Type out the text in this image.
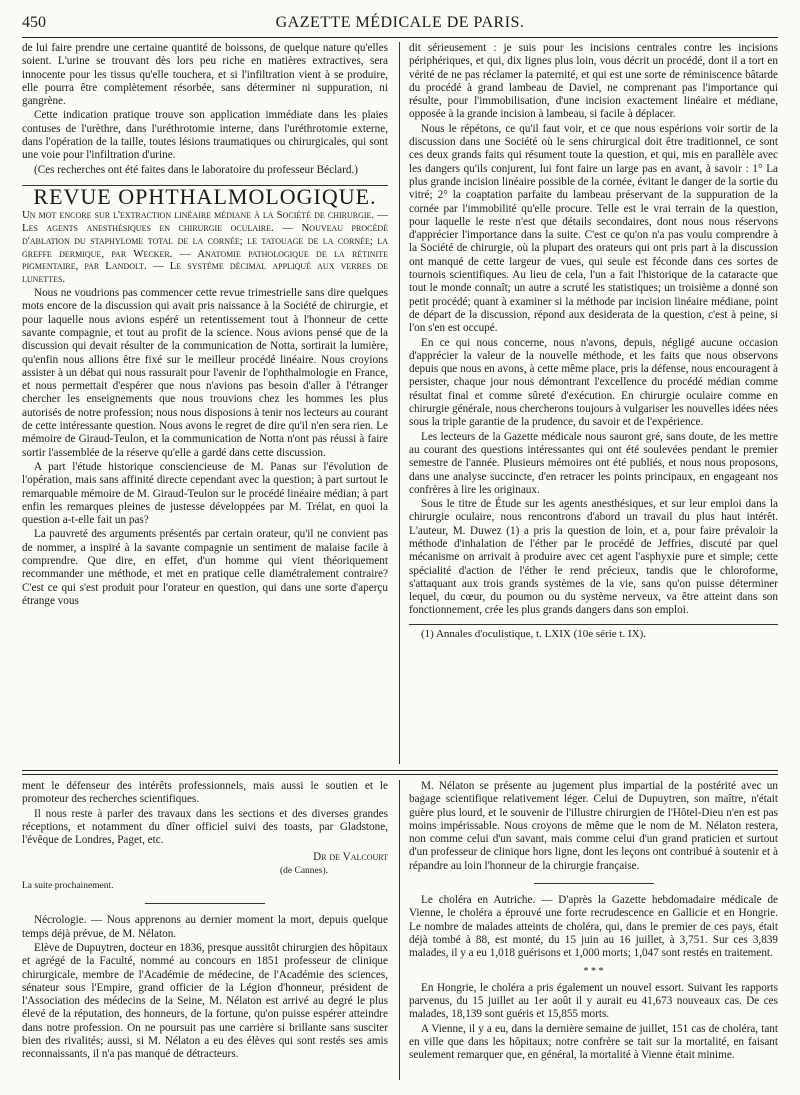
450	GAZETTE MÉDICALE DE PARIS.

de lui faire prendre une certaine quantité de boissons, de quelque nature qu'elles soient. L'urine se trouvant dès lors peu riche en matières extractives, sera innocente pour les tissus qu'elle touchera, et si l'infiltration vient à se produire, elle pourra être complètement résorbée, sans déterminer ni suppuration, ni gangrène.

Cette indication pratique trouve son application immédiate dans les plaies contuses de l'urèthre, dans l'uréthrotomie interne, dans l'uréthrotomie externe, dans l'opération de la taille, toutes lésions traumatiques ou chirurgicales, qui sont une voie pour l'infiltration d'urine.

(Ces recherches ont été faites dans le laboratoire du professeur Béclard.)

REVUE OPHTHALMOLOGIQUE.

Un mot encore sur l'extraction linéaire médiane à la Société de chirurgie. — Les agents anesthésiques en chirurgie oculaire. — Nouveau procédé d'ablation du staphylome total de la cornée; le tatouage de la cornée; la greffe dermique, par Wecker. — Anatomie pathologique de la rétinite pigmentaire, par Landolt. — Le système décimal appliqué aux verres de lunettes.

Nous ne voudrions pas commencer cette revue trimestrielle sans dire quelques mots encore de la discussion qui avait pris naissance à la Société de chirurgie, et pour laquelle nous avions espéré un retentissement tout à l'honneur de cette savante compagnie, et tout au profit de la science. Nous avions pensé que de la discussion qui devait résulter de la communication de Notta, sortirait la lumière, qu'enfin nous allions être fixé sur le meilleur procédé linéaire. Nous croyions assister à un débat qui nous rassurait pour l'avenir de l'ophthalmologie en France, et nous permettait d'espérer que nous n'avions pas besoin d'aller à l'étranger chercher les enseignements que nous trouvions chez les hommes les plus autorisés de notre profession; nous nous disposions à tenir nos lecteurs au courant de cette intéressante question. Nous avons le regret de dire qu'il n'en sera rien. Le mémoire de Giraud-Teulon, et la communication de Notta n'ont pas réussi à faire sortir l'assemblée de la réserve qu'elle a gardé dans cette discussion.

A part l'étude historique consciencieuse de M. Panas sur l'évolution de l'opération, mais sans affinité directe cependant avec la question; à part surtout le remarquable mémoire de M. Giraud-Teulon sur le procédé linéaire médian; à part enfin les remarques pleines de justesse développées par M. Trélat, en quoi la question a-t-elle fait un pas?

La pauvreté des arguments présentés par certain orateur, qu'il ne convient pas de nommer, a inspiré à la savante compagnie un sentiment de malaise facile à comprendre. Que dire, en effet, d'un homme qui vient théoriquement recommander une méthode, et met en pratique celle diamétralement contraire? C'est ce qui s'est produit pour l'orateur en question, qui dans une sorte d'aperçu étrange vous

dit sérieusement : je suis pour les incisions centrales contre les incisions périphériques, et qui, dix lignes plus loin, vous décrit un procédé, dont il a tort en vérité de ne pas réclamer la paternité, et qui est une sorte de réminiscence bâtarde du procédé à grand lambeau de Daviel, ne comprenant pas l'importance qui résulte, pour l'immobilisation, d'une incision exactement linéaire et médiane, opposée à la grande incision à lambeau, si facile à déplacer.

Nous le répétons, ce qu'il faut voir, et ce que nous espérions voir sortir de la discussion dans une Société où le sens chirurgical doit être traditionnel, ce sont ces deux grands faits qui résument toute la question, et qui, mis en parallèle avec les dangers qu'ils conjurent, lui font faire un large pas en avant, à savoir : 1° La plus grande incision linéaire possible de la cornée, évitant le danger de la sortie du vitré; 2° la coaptation parfaite du lambeau préservant de la suppuration de la cornée par l'immobilité qu'elle procure. Telle est le vrai terrain de la question, pour laquelle le reste n'est que détails secondaires, dont nous nous réservons d'apprécier l'importance dans la suite. C'est ce qu'on n'a pas voulu comprendre à la Société de chirurgie, où la plupart des orateurs qui ont pris part à la discussion ont manqué de cette largeur de vues, qui seule est féconde dans ces sortes de tournois scientifiques. Au lieu de cela, l'un a fait l'historique de la cataracte que tout le monde connaît; un autre a scruté les statistiques; un troisième a donné son petit procédé; quant à examiner si la méthode par incision linéaire médiane, point de départ de la discussion, répond aux desiderata de la question, c'est à peine, si l'on s'en est occupé.

En ce qui nous concerne, nous n'avons, depuis, négligé aucune occasion d'apprécier la valeur de la nouvelle méthode, et les faits que nous observons depuis que nous en avons, à cette même place, pris la défense, nous encouragent à persister, chaque jour nous démontrant l'excellence du procédé médian comme résultat final et comme sûreté d'exécution. En chirurgie oculaire comme en chirurgie générale, nous chercherons toujours à vulgariser les nouvelles idées nées sous la triple garantie de la prudence, du savoir et de l'expérience.

Les lecteurs de la Gazette médicale nous sauront gré, sans doute, de les mettre au courant des questions intéressantes qui ont été soulevées pendant le premier semestre de l'année. Plusieurs mémoires ont été publiés, et nous nous proposons, dans une analyse succincte, d'en retracer les points principaux, en engageant nos confrères à lire les originaux.

Sous le titre de Étude sur les agents anesthésiques, et sur leur emploi dans la chirurgie oculaire, nous rencontrons d'abord un travail du plus haut intérêt. L'auteur, M. Duwez (1) a pris la question de loin, et a, pour faire prévaloir la méthode d'inhalation de l'éther par le procédé de Jeffries, discuté par quel mécanisme on arrivait à produire avec cet agent l'asphyxie pure et simple; cette spécialité d'action de l'éther le rend précieux, tandis que le chloroforme, s'attaquant aux trois grands systèmes de la vie, sans qu'on puisse déterminer lequel, du cœur, du poumon ou du système nerveux, va être atteint dans son fonctionnement, crée les plus grands dangers dans son emploi.

(1) Annales d'oculistique, t. LXIX (10e série t. IX).

ment le défenseur des intérêts professionnels, mais aussi le soutien et le promoteur des recherches scientifiques.

Il nous reste à parler des travaux dans les sections et des diverses grandes réceptions, et notamment du dîner officiel suivi des toasts, par Gladstone, l'évêque de Londres, Paget, etc.

Dr de Valcourt
(de Cannes).
La suite prochainement.

Nécrologie. — Nous apprenons au dernier moment la mort, depuis quelque temps déjà prévue, de M. Nélaton.

Elève de Dupuytren, docteur en 1836, presque aussitôt chirurgien des hôpitaux et agrégé de la Faculté, nommé au concours en 1851 professeur de clinique chirurgicale, membre de l'Académie de médecine, de l'Académie des sciences, sénateur sous l'Empire, grand officier de la Légion d'honneur, président de l'Association des médecins de la Seine, M. Nélaton est arrivé au degré le plus élevé de la réputation, des honneurs, de la fortune, qu'on puisse espérer atteindre dans notre profession. On ne poursuit pas une carrière si brillante sans susciter bien des rivalités; aussi, si M. Nélaton a eu des élèves qui sont restés ses amis reconnaissants, il n'a pas manqué de détracteurs.

M. Nélaton se présente au jugement plus impartial de la postérité avec un bagage scientifique relativement léger. Celui de Dupuytren, son maître, n'était guère plus lourd, et le souvenir de l'illustre chirurgien de l'Hôtel-Dieu n'en est pas moins impérissable. Nous croyons de même que le nom de M. Nélaton restera, non comme celui d'un savant, mais comme celui d'un grand praticien et surtout d'un professeur de clinique hors ligne, dont les leçons ont contribué à soutenir et à répandre au loin l'honneur de la chirurgie française.

Le choléra en Autriche. — D'après la Gazette hebdomadaire médicale de Vienne, le choléra a éprouvé une forte recrudescence en Gallicie et en Hongrie. Le nombre de malades atteints de choléra, qui, dans le premier de ces pays, était déjà tombé à 88, est monté, du 15 juin au 16 juillet, à 3,751. Sur ces 3,839 malades, il y a eu 1,018 guérisons et 1,000 morts; 1,047 sont restés en traitement.

* * *

En Hongrie, le choléra a pris également un nouvel essort. Suivant les rapports parvenus, du 15 juillet au 1er août il y aurait eu 41,673 nouveaux cas. De ces malades, 18,139 sont guéris et 15,855 morts.

A Vienne, il y a eu, dans la dernière semaine de juillet, 151 cas de choléra, tant en ville que dans les hôpitaux; notre confrère se tait sur la mortalité, en faisant seulement remarquer que, en général, la mortalité à Vienne était minime.
